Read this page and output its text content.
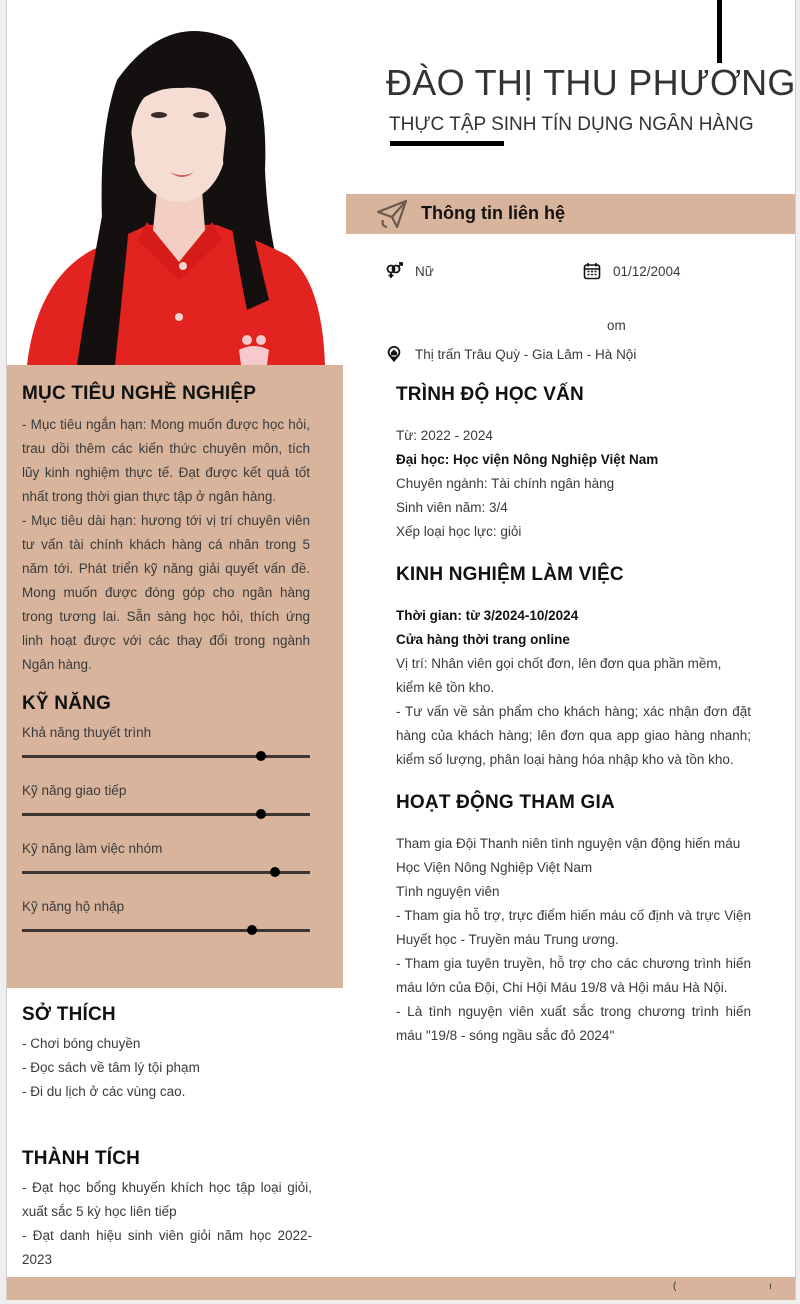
ĐÀO THỊ THU PHƯƠNG
THỰC TẬP SINH TÍN DỤNG NGÂN HÀNG
Thông tin liên hệ
Nữ	01/12/2004
om
Thị trấn Trâu Quỳ - Gia Lâm - Hà Nội
MỤC TIÊU NGHỀ NGHIỆP
- Mục tiêu ngắn hạn: Mong muốn được học hỏi, trau dồi thêm các kiến thức chuyên môn, tích lũy kinh nghiệm thực tế. Đạt được kết quả tốt nhất trong thời gian thực tập ở ngân hàng.
- Mục tiêu dài hạn: hương tới vị trí chuyên viên tư vấn tài chính khách hàng cá nhân trong 5 năm tới. Phát triển kỹ năng giải quyết vấn đề. Mong muốn được đóng góp cho ngân hàng trong tương lai. Sẵn sàng học hỏi, thích ứng linh hoạt được với các thay đổi trong ngành Ngân hàng.
KỸ NĂNG
Khả năng thuyết trình
Kỹ năng giao tiếp
Kỹ năng làm việc nhóm
Kỹ năng hộ nhập
SỞ THÍCH
- Chơi bóng chuyền
- Đọc sách về tâm lý tội phạm
- Đi du lịch ở các vùng cao.
THÀNH TÍCH
- Đạt học bổng khuyến khích học tập loại giỏi, xuất sắc 5 kỳ học liên tiếp
- Đạt danh hiệu sinh viên giỏi năm học 2022-2023
TRÌNH ĐỘ HỌC VẤN
Từ: 2022 - 2024
Đại học: Học viện Nông Nghiệp Việt Nam
Chuyên ngành: Tài chính ngân hàng
Sinh viên năm: 3/4
Xếp loại học lực: giỏi
KINH NGHIỆM LÀM VIỆC
Thời gian: từ 3/2024-10/2024
Cửa hàng thời trang online
Vị trí: Nhân viên gọi chốt đơn, lên đơn qua phần mềm, kiểm kê tồn kho.
- Tư vấn về sản phẩm cho khách hàng; xác nhận đơn đặt hàng của khách hàng; lên đơn qua app giao hàng nhanh; kiểm số lượng, phân loại hàng hóa nhập kho và tồn kho.
HOẠT ĐỘNG THAM GIA
Tham gia Đội Thanh niên tình nguyện vận động hiến máu Học Viện Nông Nghiệp Việt Nam
Tình nguyện viên
- Tham gia hỗ trợ, trực điểm hiến máu cố định và trực Viện Huyết học - Truyền máu Trung ương.
- Tham gia tuyên truyền, hỗ trợ cho các chương trình hiến máu lớn của Đội, Chi Hội Máu 19/8 và Hội máu Hà Nội.
- Là tình nguyện viên xuất sắc trong chương trình hiến máu "19/8 - sóng ngầu sắc đỏ 2024"
(	ı
